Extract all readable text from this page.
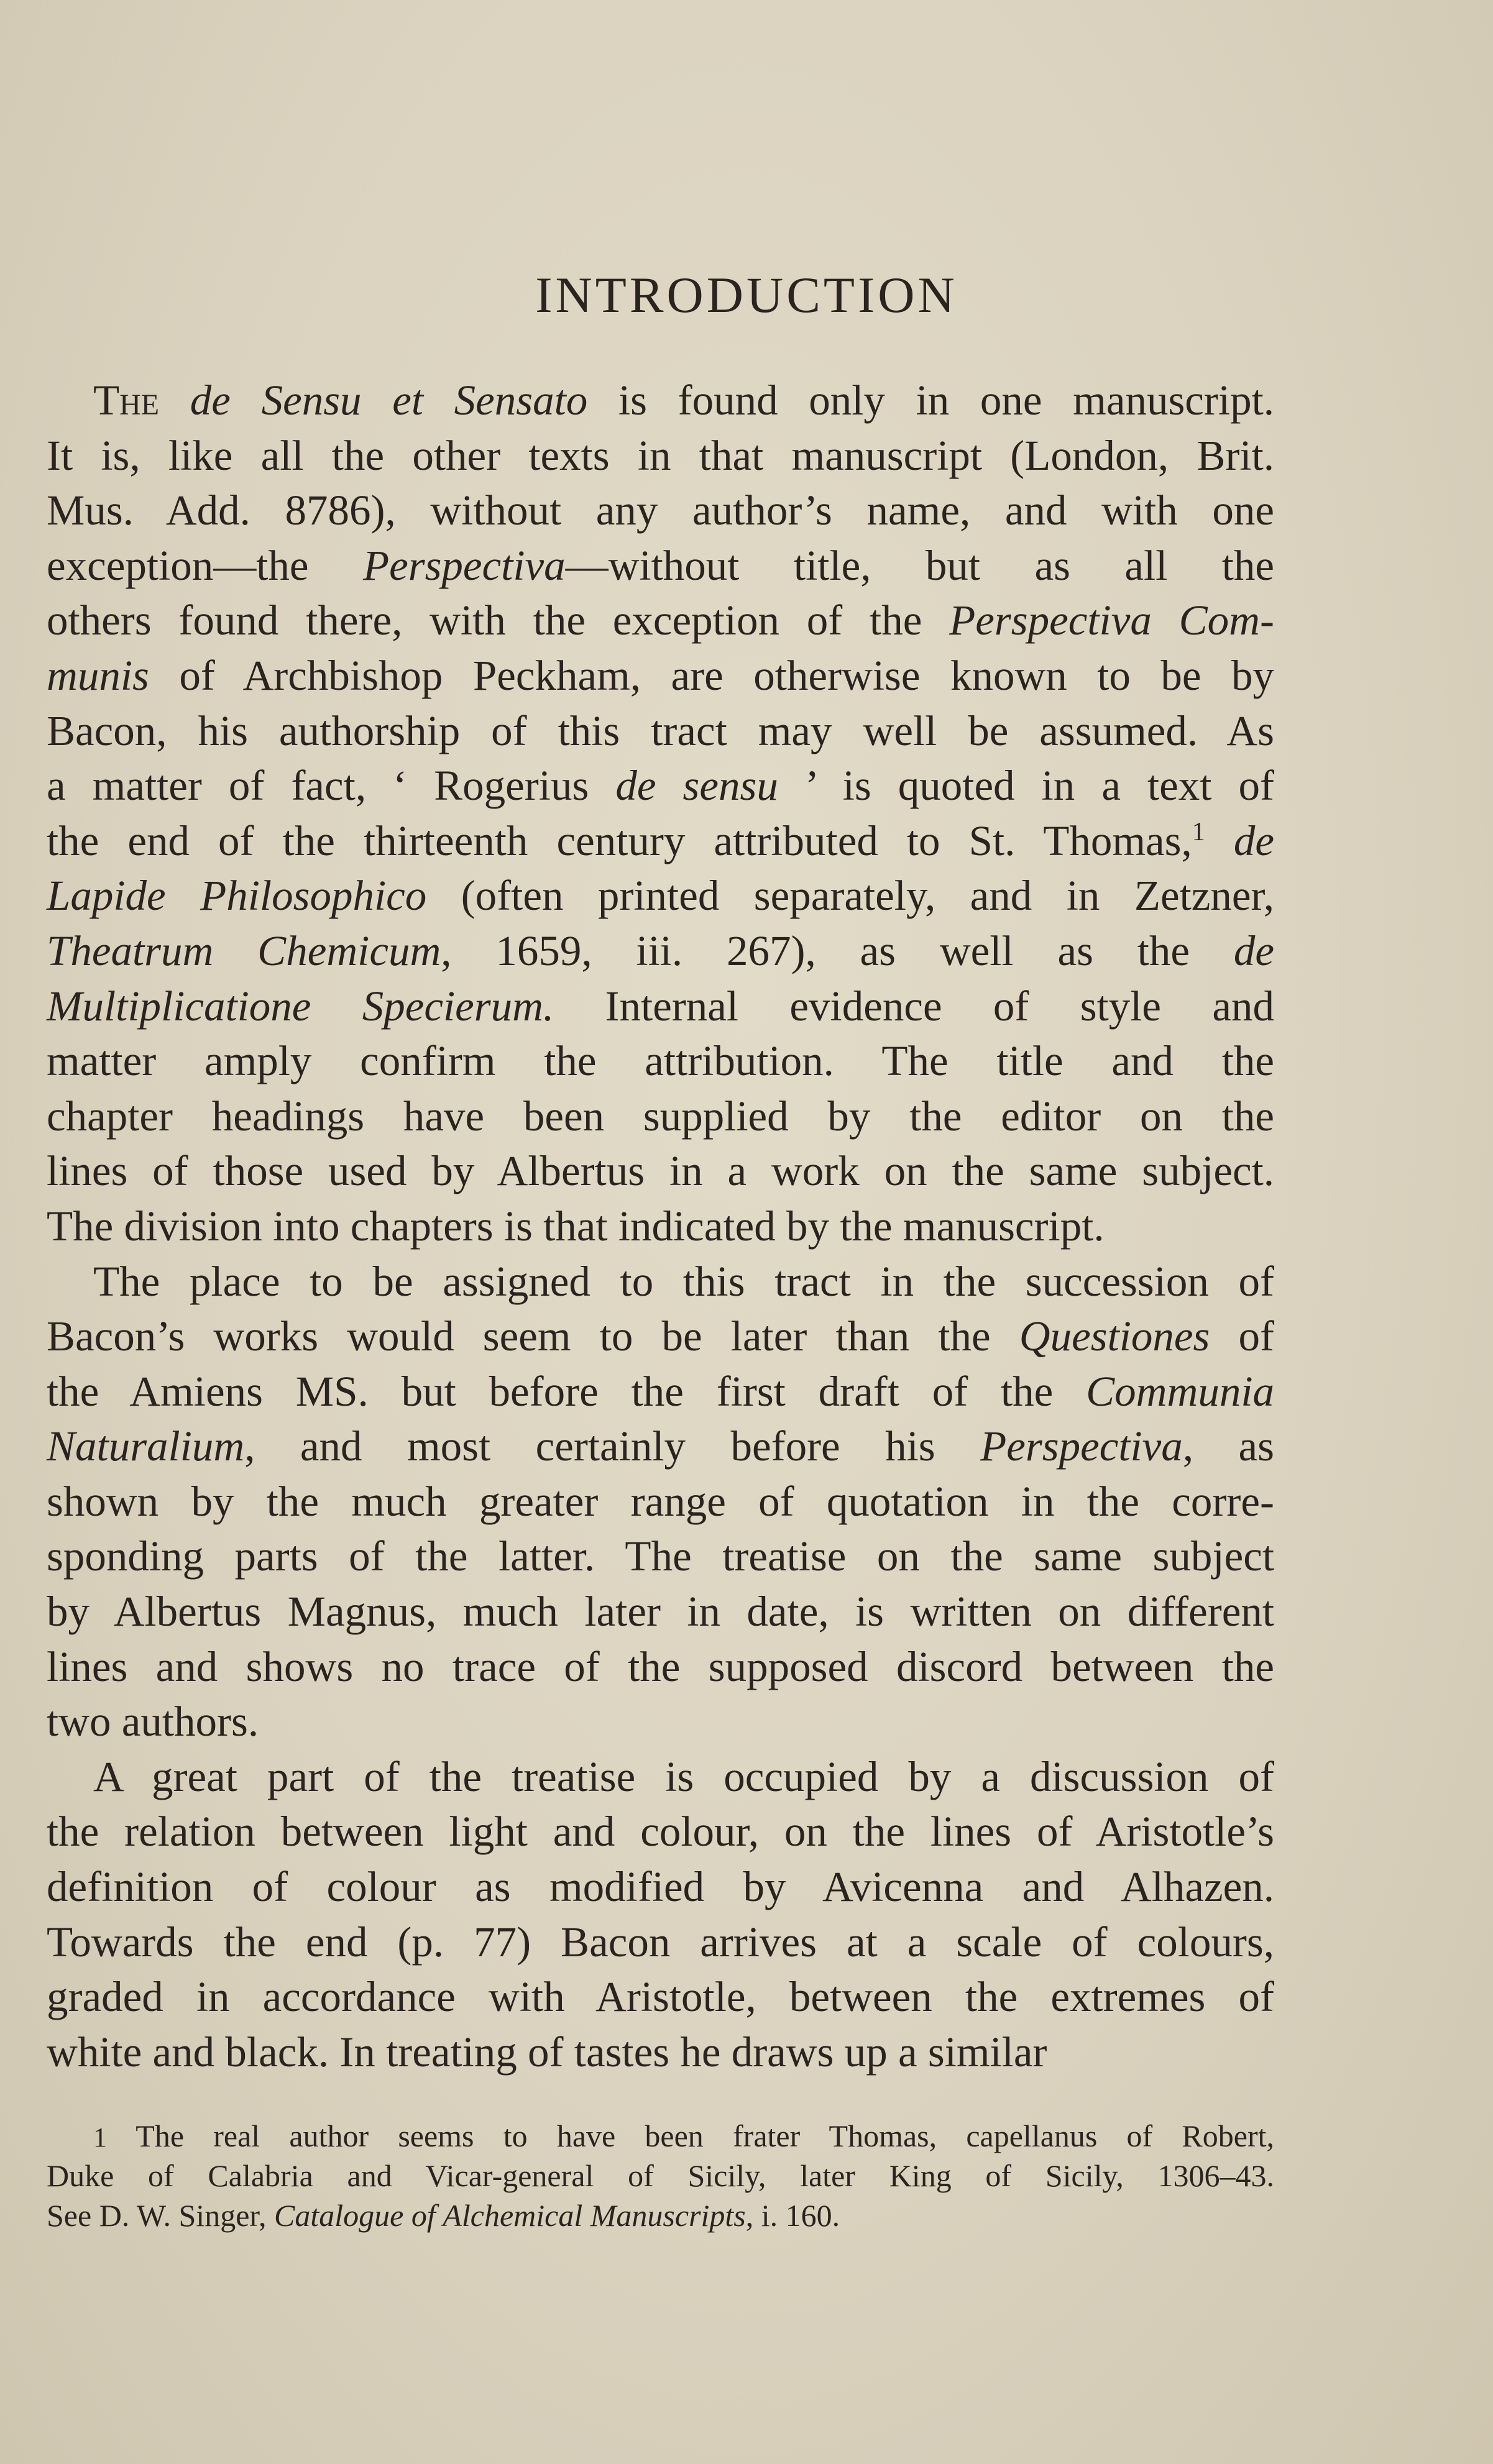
INTRODUCTION
The de Sensu et Sensato is found only in one manuscript.
It is, like all the other texts in that manuscript (London, Brit.
Mus. Add. 8786), without any author’s name, and with one
exception—the Perspectiva—without title, but as all the
others found there, with the exception of the Perspectiva Com-
munis of Archbishop Peckham, are otherwise known to be by
Bacon, his authorship of this tract may well be assumed. As
a matter of fact, ‘ Rogerius de sensu ’ is quoted in a text of
the end of the thirteenth century attributed to St. Thomas,$^1$ de
Lapide Philosophico (often printed separately, and in Zetzner,
Theatrum Chemicum, 1659, iii. 267), as well as the de
Multiplicatione Specierum. Internal evidence of style and
matter amply confirm the attribution. The title and the
chapter headings have been supplied by the editor on the
lines of those used by Albertus in a work on the same subject.
The division into chapters is that indicated by the manuscript.
The place to be assigned to this tract in the succession of
Bacon’s works would seem to be later than the Questiones of
the Amiens MS. but before the first draft of the Communia
Naturalium, and most certainly before his Perspectiva, as
shown by the much greater range of quotation in the corre-
sponding parts of the latter. The treatise on the same subject
by Albertus Magnus, much later in date, is written on different
lines and shows no trace of the supposed discord between the
two authors.
A great part of the treatise is occupied by a discussion of
the relation between light and colour, on the lines of Aristotle’s
definition of colour as modified by Avicenna and Alhazen.
Towards the end (p. 77) Bacon arrives at a scale of colours,
graded in accordance with Aristotle, between the extremes of
white and black. In treating of tastes he draws up a similar
1 The real author seems to have been frater Thomas, capellanus of Robert,
Duke of Calabria and Vicar-general of Sicily, later King of Sicily, 1306–43.
See D. W. Singer, Catalogue of Alchemical Manuscripts, i. 160.
